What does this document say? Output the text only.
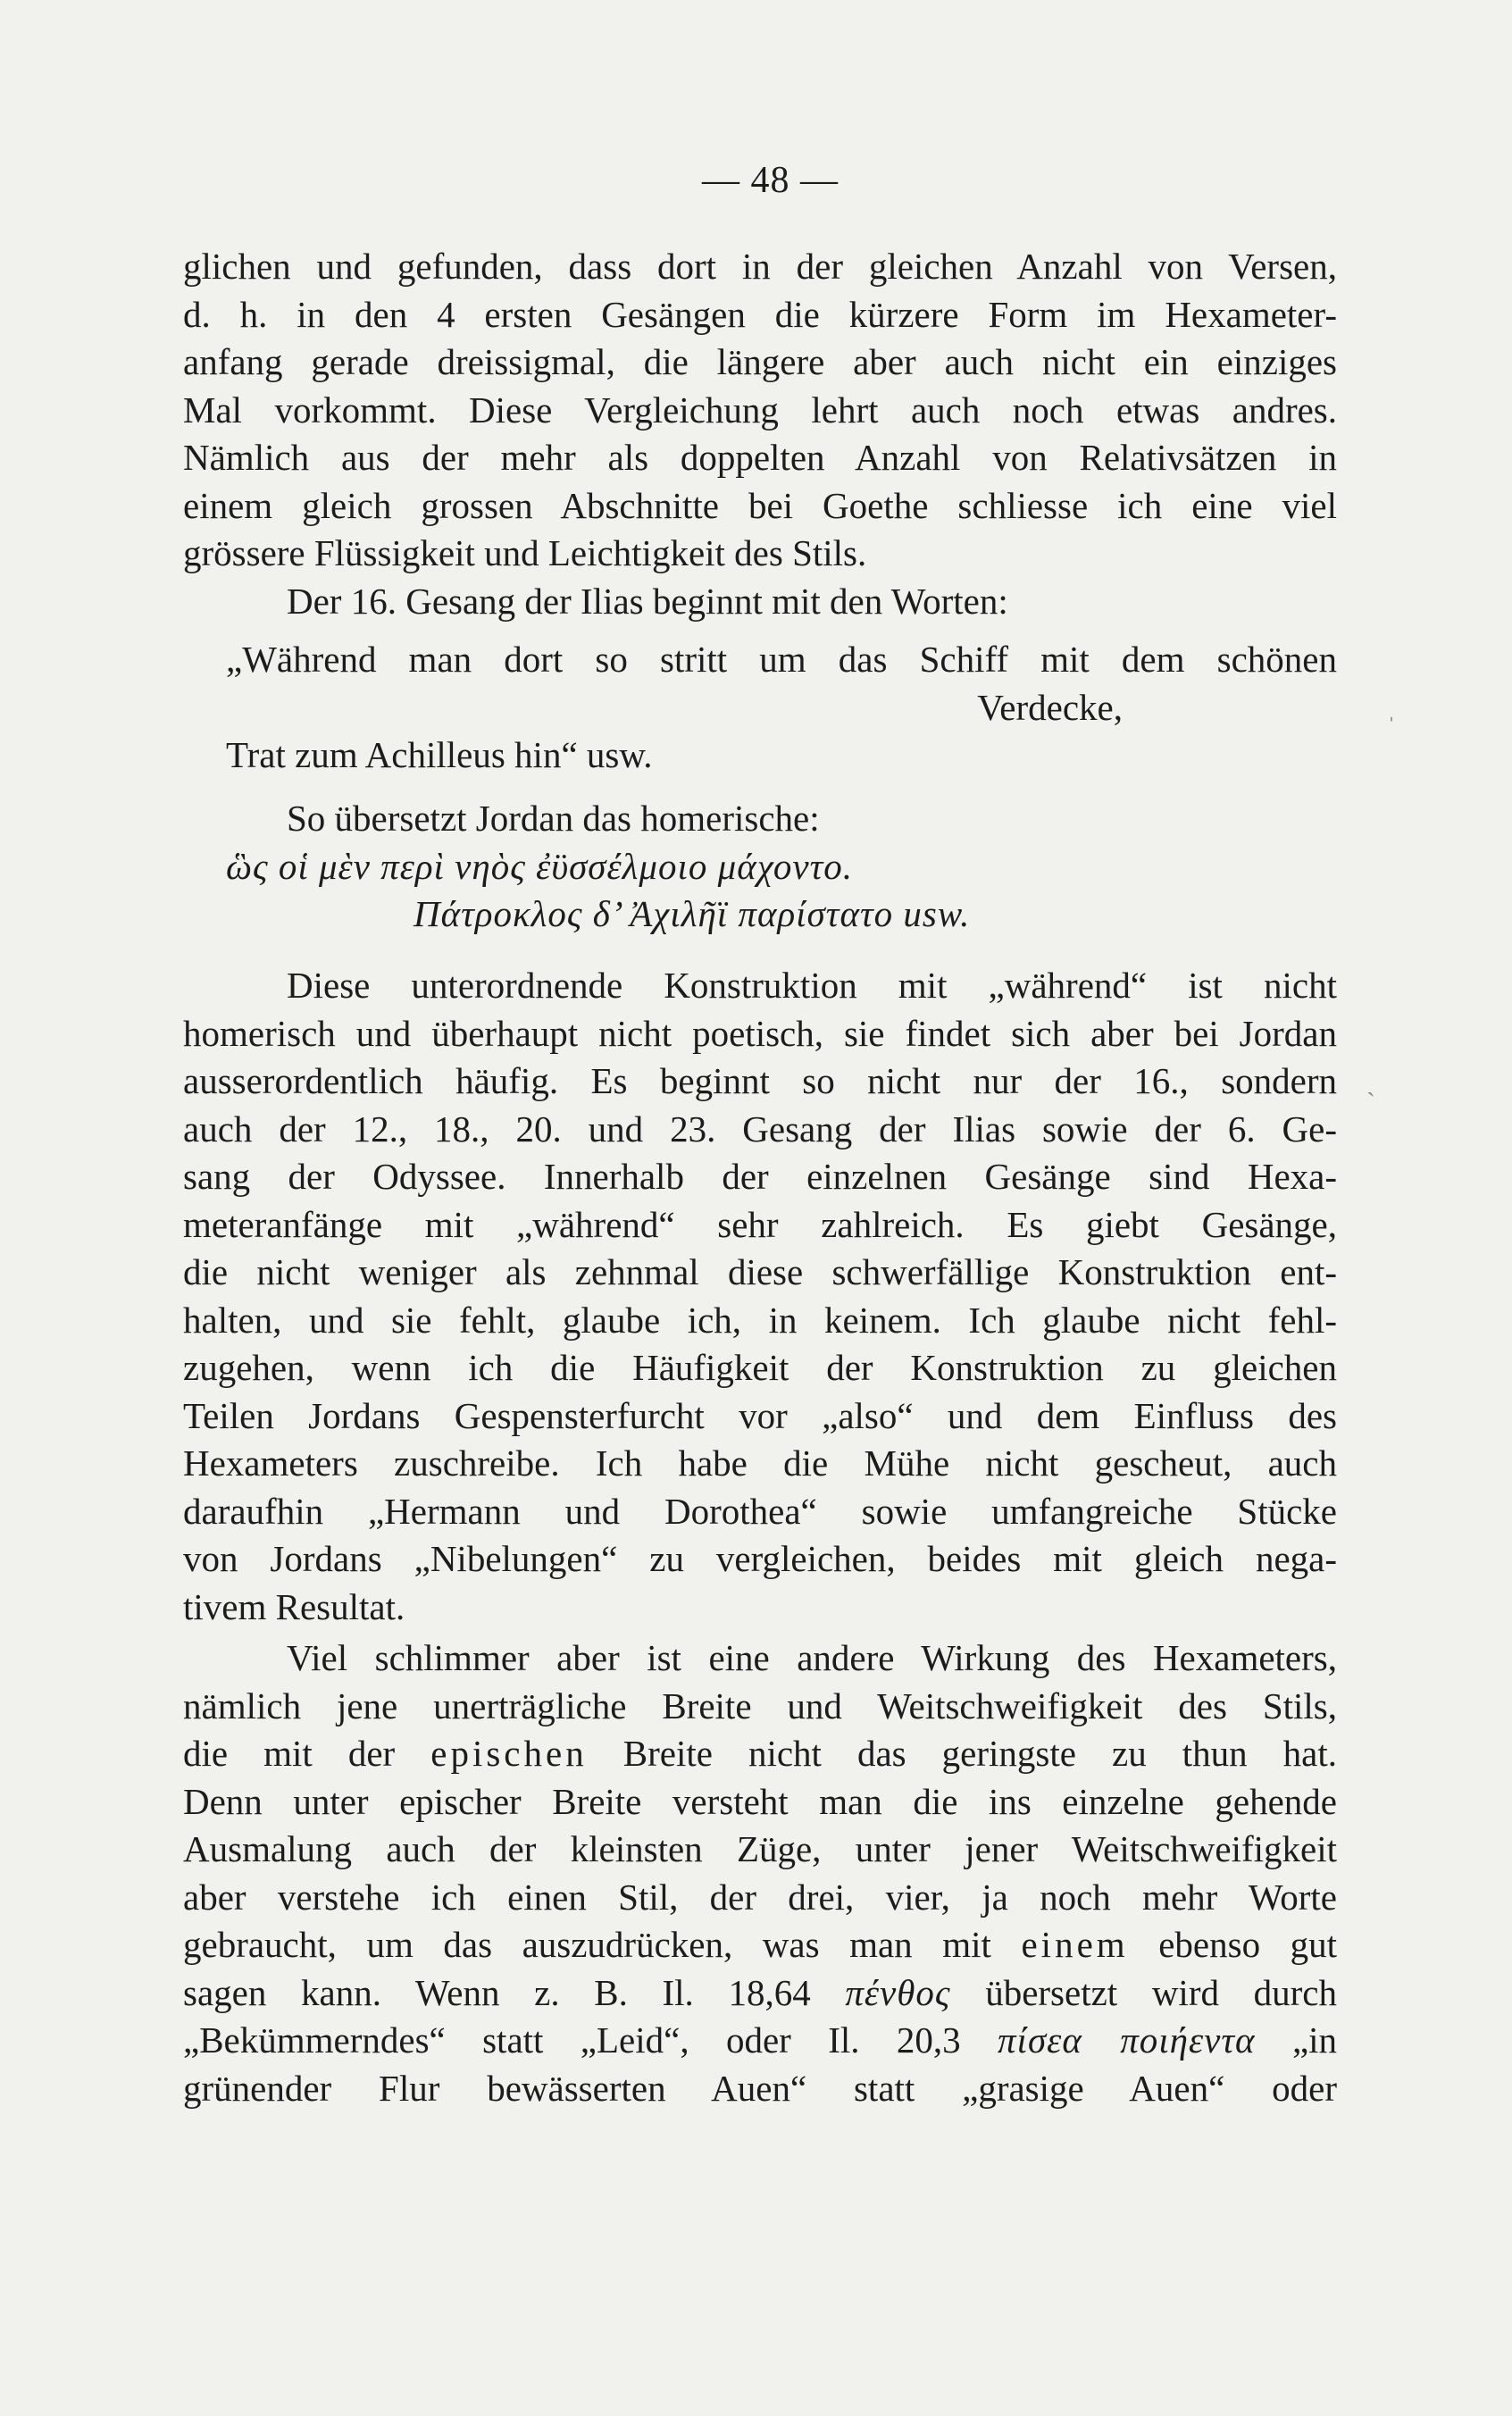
— 48 —
glichen und gefunden, dass dort in der gleichen Anzahl von Versen,
d. h. in den 4 ersten Gesängen die kürzere Form im Hexameter-
anfang gerade dreissigmal, die längere aber auch nicht ein einziges
Mal vorkommt. Diese Vergleichung lehrt auch noch etwas andres.
Nämlich aus der mehr als doppelten Anzahl von Relativsätzen in
einem gleich grossen Abschnitte bei Goethe schliesse ich eine viel
grössere Flüssigkeit und Leichtigkeit des Stils.
Der 16. Gesang der Ilias beginnt mit den Worten:
„Während man dort so stritt um das Schiff mit dem schönen
Verdecke,
Trat zum Achilleus hin“ usw.
So übersetzt Jordan das homerische:
ὣς οἱ μὲν περὶ νηὸς ἐϋσσέλμοιο μάχοντο.
Πάτροκλος δ’ Ἀχιλῆϊ παρίστατο usw.
Diese unterordnende Konstruktion mit „während“ ist nicht
homerisch und überhaupt nicht poetisch, sie findet sich aber bei Jordan
ausserordentlich häufig. Es beginnt so nicht nur der 16., sondern
auch der 12., 18., 20. und 23. Gesang der Ilias sowie der 6. Ge-
sang der Odyssee. Innerhalb der einzelnen Gesänge sind Hexa-
meteranfänge mit „während“ sehr zahlreich. Es giebt Gesänge,
die nicht weniger als zehnmal diese schwerfällige Konstruktion ent-
halten, und sie fehlt, glaube ich, in keinem. Ich glaube nicht fehl-
zugehen, wenn ich die Häufigkeit der Konstruktion zu gleichen
Teilen Jordans Gespensterfurcht vor „also“ und dem Einfluss des
Hexameters zuschreibe. Ich habe die Mühe nicht gescheut, auch
daraufhin „Hermann und Dorothea“ sowie umfangreiche Stücke
von Jordans „Nibelungen“ zu vergleichen, beides mit gleich nega-
tivem Resultat.
Viel schlimmer aber ist eine andere Wirkung des Hexameters,
nämlich jene unerträgliche Breite und Weitschweifigkeit des Stils,
die mit der epischen Breite nicht das geringste zu thun hat.
Denn unter epischer Breite versteht man die ins einzelne gehende
Ausmalung auch der kleinsten Züge, unter jener Weitschweifigkeit
aber verstehe ich einen Stil, der drei, vier, ja noch mehr Worte
gebraucht, um das auszudrücken, was man mit einem ebenso gut
sagen kann. Wenn z. B. Il. 18,64 πένθος übersetzt wird durch
„Bekümmerndes“ statt „Leid“, oder Il. 20,3 πίσεα ποιήεντα „in
grünender Flur bewässerten Auen“ statt „grasige Auen“ oder
ˌ
ˎ
